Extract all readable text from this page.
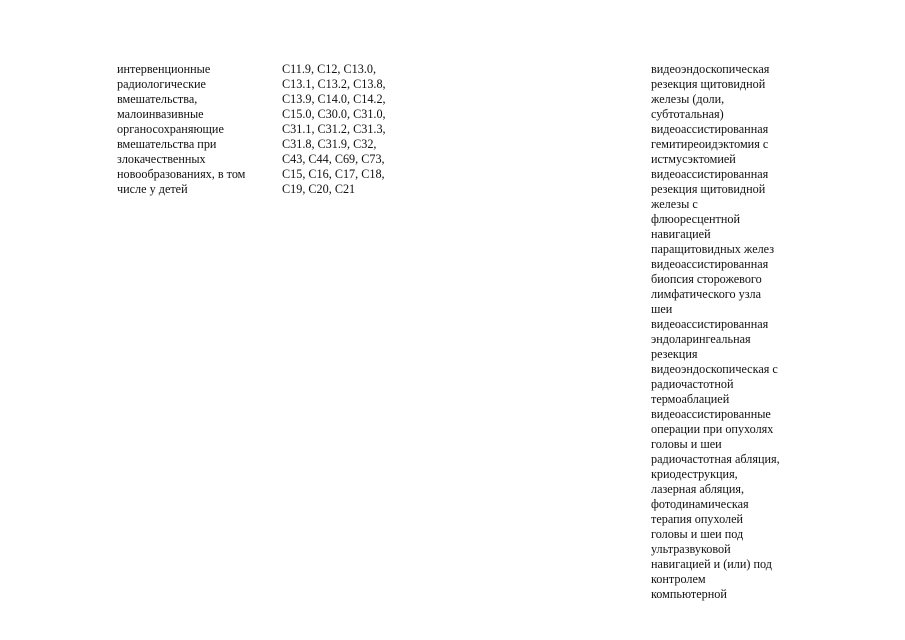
интервенционные
радиологические
вмешательства,
малоинвазивные
органосохраняющие
вмешательства при
злокачественных
новообразованиях, в том
числе у детей
C11.9, C12, C13.0,
C13.1, C13.2, C13.8,
C13.9, C14.0, C14.2,
C15.0, C30.0, C31.0,
C31.1, C31.2, C31.3,
C31.8, C31.9, C32,
C43, C44, C69, C73,
C15, C16, C17, C18,
C19, C20, C21
видеоэндоскопическая
резекция щитовидной
железы (доли,
субтотальная)
видеоассистированная
гемитиреоидэктомия с
истмусэктомией
видеоассистированная
резекция щитовидной
железы с
флюоресцентной
навигацией
паращитовидных желез
видеоассистированная
биопсия сторожевого
лимфатического узла
шеи
видеоассистированная
эндоларингеальная
резекция
видеоэндоскопическая с
радиочастотной
термоаблацией
видеоассистированные
операции при опухолях
головы и шеи
радиочастотная абляция,
криодеструкция,
лазерная абляция,
фотодинамическая
терапия опухолей
головы и шеи под
ультразвуковой
навигацией и (или) под
контролем
компьютерной
